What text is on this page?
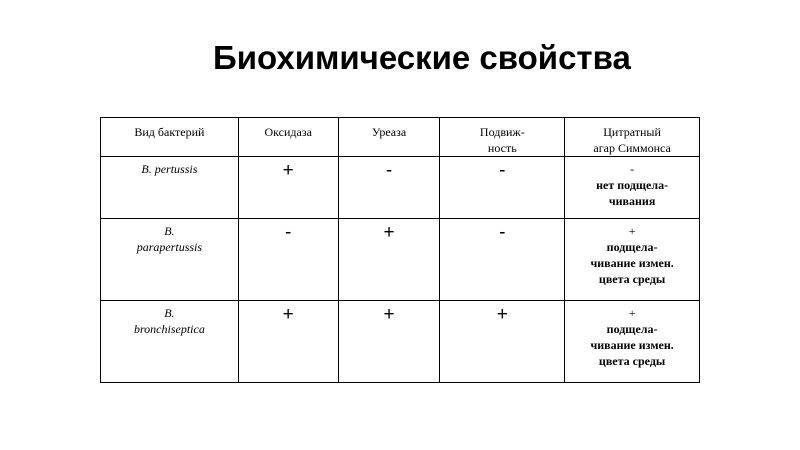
Биохимические свойства
Вид бактерий	Оксидаза	Уреаза	Подвиж-
ность	Цитратный
агар Симмонса

B. pertussis	+	-	-	-
нет подщела-
чивания

B.
parapertussis	-	+	-	+
подщела-
чивание измен.
цвета среды

B.
bronchiseptica	+	+	+	+
подщела-
чивание измен.
цвета среды
